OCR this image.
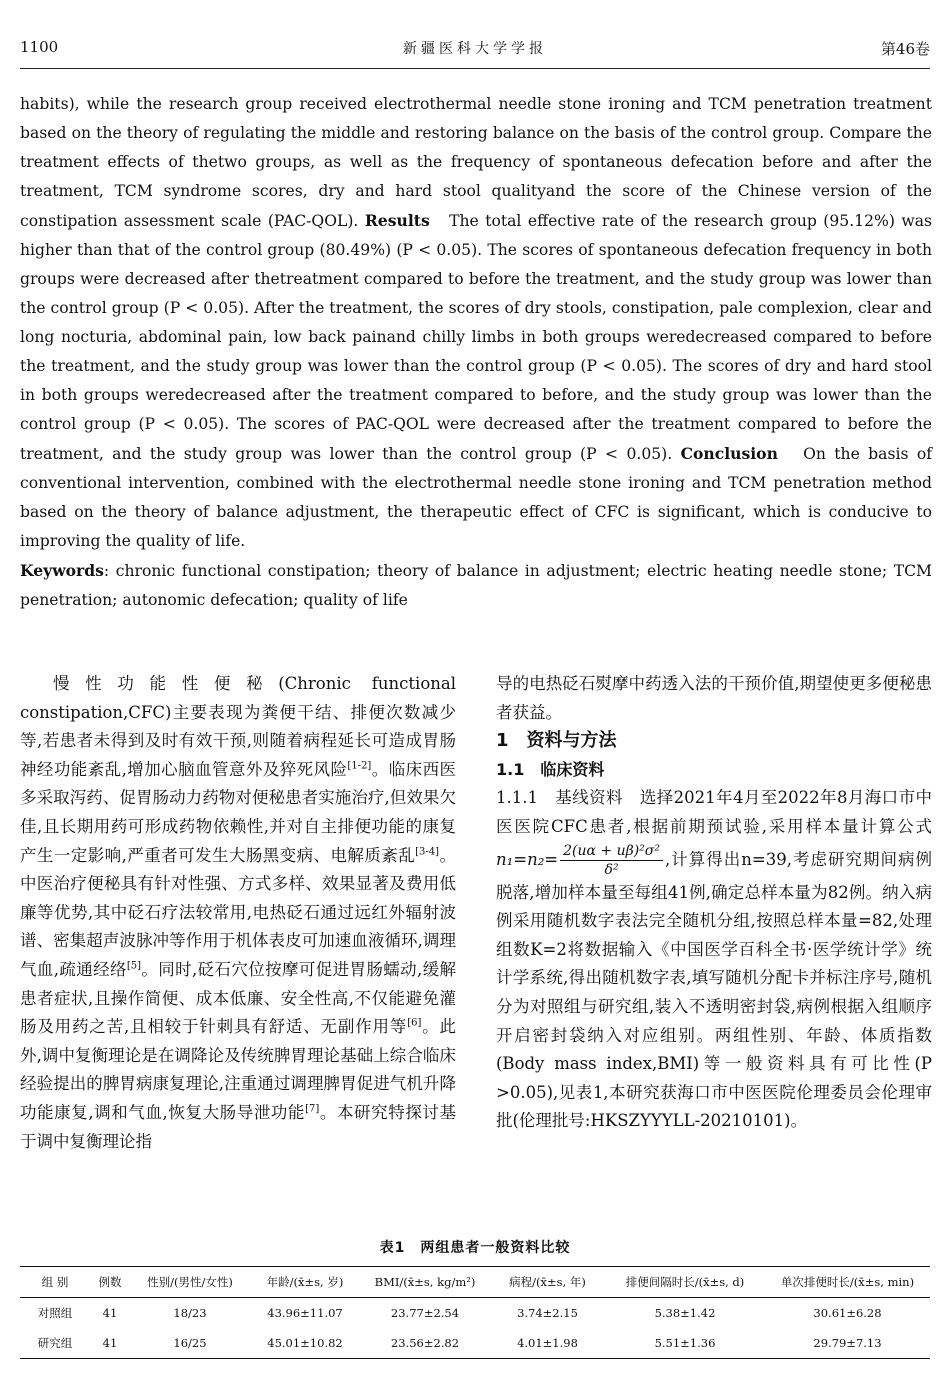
1100	新疆医科大学学报	第46卷

habits), while the research group received electrothermal needle stone ironing and TCM penetration treatment based on the theory of regulating the middle and restoring balance on the basis of the control group. Compare the treatment effects of thetwo groups, as well as the frequency of spontaneous defecation before and after the treatment, TCM syndrome scores, dry and hard stool qualityand the score of the Chinese version of the constipation assessment scale (PAC-QOL). Results The total effective rate of the research group (95.12%) was higher than that of the control group (80.49%) (P < 0.05). The scores of spontaneous defecation frequency in both groups were decreased after thetreatment compared to before the treatment, and the study group was lower than the control group (P < 0.05). After the treatment, the scores of dry stools, constipation, pale complexion, clear and long nocturia, abdominal pain, low back painand chilly limbs in both groups weredecreased compared to before the treatment, and the study group was lower than the control group (P < 0.05). The scores of dry and hard stool in both groups weredecreased after the treatment compared to before, and the study group was lower than the control group (P < 0.05). The scores of PAC-QOL were decreased after the treatment compared to before the treatment, and the study group was lower than the control group (P < 0.05). Conclusion On the basis of conventional intervention, combined with the electrothermal needle stone ironing and TCM penetration method based on the theory of balance adjustment, the therapeutic effect of CFC is significant, which is conducive to improving the quality of life.

Keywords: chronic functional constipation; theory of balance in adjustment; electric heating needle stone; TCM penetration; autonomic defecation; quality of life

慢性功能性便秘(Chronic functional constipation,CFC)主要表现为粪便干结、排便次数减少等,若患者未得到及时有效干预,则随着病程延长可造成胃肠神经功能紊乱,增加心脑血管意外及猝死风险[1-2]。临床西医多采取泻药、促胃肠动力药物对便秘患者实施治疗,但效果欠佳,且长期用药可形成药物依赖性,并对自主排便功能的康复产生一定影响,严重者可发生大肠黑变病、电解质紊乱[3-4]。中医治疗便秘具有针对性强、方式多样、效果显著及费用低廉等优势,其中砭石疗法较常用,电热砭石通过远红外辐射波谱、密集超声波脉冲等作用于机体表皮可加速血液循环,调理气血,疏通经络[5]。同时,砭石穴位按摩可促进胃肠蠕动,缓解患者症状,且操作简便、成本低廉、安全性高,不仅能避免灌肠及用药之苦,且相较于针刺具有舒适、无副作用等[6]。此外,调中复衡理论是在调降论及传统脾胃理论基础上综合临床经验提出的脾胃病康复理论,注重通过调理脾胃促进气机升降功能康复,调和气血,恢复大肠导泄功能[7]。本研究特探讨基于调中复衡理论指

导的电热砭石熨摩中药透入法的干预价值,期望使更多便秘患者获益。

1　资料与方法

1.1　临床资料

1.1.1　基线资料　选择2021年4月至2022年8月海口市中医医院CFC患者,根据前期预试验,采用样本量计算公式$n_1=n_2= \frac{\text{2(uα + uβ)²σ²}}{\text{δ²}}$ ,计算得出n=39,考虑研究期间病例脱落,增加样本量至每组41例,确定总样本量为82例。纳入病例采用随机数字表法完全随机分组,按照总样本量=82,处理组数K=2将数据输入《中国医学百科全书·医学统计学》统计学系统,得出随机数字表,填写随机分配卡并标注序号,随机分为对照组与研究组,装入不透明密封袋,病例根据入组顺序开启密封袋纳入对应组别。两组性别、年龄、体质指数(Body mass index,BMI)等一般资料具有可比性(P >0.05),见表1,本研究获海口市中医医院伦理委员会伦理审批(伦理批号:HKSZYYYLL-20210101)。

表1　两组患者一般资料比较
组 别	例数	性别/(男性/女性)	年龄/(x̄±s, 岁)	BMI/(x̄±s, kg/m²)	病程/(x̄±s, 年)	排便间隔时长/(x̄±s, d)	单次排便时长/(x̄±s, min)
对照组	41	18/23	43.96±11.07	23.77±2.54	3.74±2.15	5.38±1.42	30.61±6.28
研究组	41	16/25	45.01±10.82	23.56±2.82	4.01±1.98	5.51±1.36	29.79±7.13
